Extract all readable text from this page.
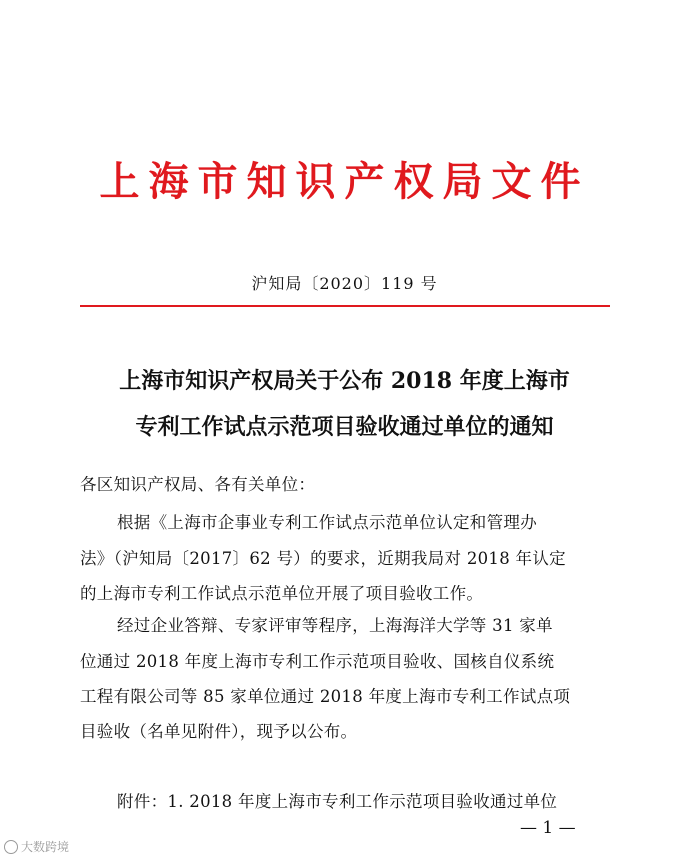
上海市知识产权局文件
沪知局〔2020〕119 号
上海市知识产权局关于公布 2018 年度上海市
专利工作试点示范项目验收通过单位的通知
各区知识产权局、各有关单位：
根据《上海市企事业专利工作试点示范单位认定和管理办
法》（沪知局〔2017〕62 号）的要求，近期我局对 2018 年认定
的上海市专利工作试点示范单位开展了项目验收工作。
经过企业答辩、专家评审等程序，上海海洋大学等 31 家单
位通过 2018 年度上海市专利工作示范项目验收、国核自仪系统
工程有限公司等 85 家单位通过 2018 年度上海市专利工作试点项
目验收（名单见附件），现予以公布。
附件：1. 2018 年度上海市专利工作示范项目验收通过单位
— 1 —
大数跨境
